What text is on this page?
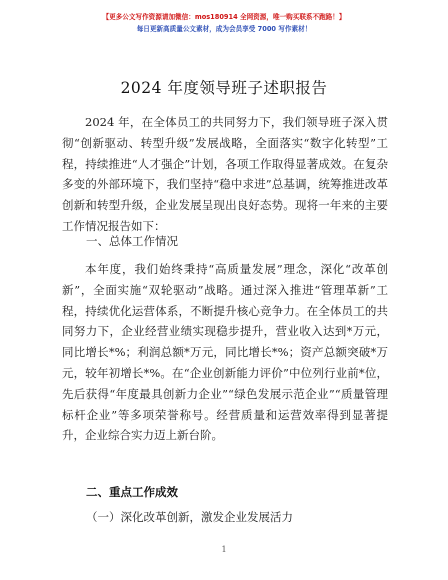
【更多公文写作资源请加微信：mos180914 全网资源，唯一购买联系不跑路！】
每日更新高质量公文素材，成为会员享受 7000 写作素材！
2024 年度领导班子述职报告
2024 年，在全体员工的共同努力下，我们领导班子深入贯彻“创新驱动、转型升级”发展战略，全面落实“数字化转型”工程，持续推进“人才强企”计划，各项工作取得显著成效。在复杂多变的外部环境下，我们坚持“稳中求进”总基调，统筹推进改革创新和转型升级，企业发展呈现出良好态势。现将一年来的主要工作情况报告如下：
一、总体工作情况
本年度，我们始终秉持“高质量发展”理念，深化“改革创新”，全面实施“双轮驱动”战略。通过深入推进“管理革新”工程，持续优化运营体系，不断提升核心竞争力。在全体员工的共同努力下，企业经营业绩实现稳步提升，营业收入达到*万元，同比增长*%；利润总额*万元，同比增长*%；资产总额突破*万元，较年初增长*%。在“企业创新能力评价”中位列行业前*位，先后获得“年度最具创新力企业”“绿色发展示范企业”“质量管理标杆企业”等多项荣誉称号。经营质量和运营效率得到显著提升，企业综合实力迈上新台阶。
二、重点工作成效
（一）深化改革创新，激发企业发展活力
1
